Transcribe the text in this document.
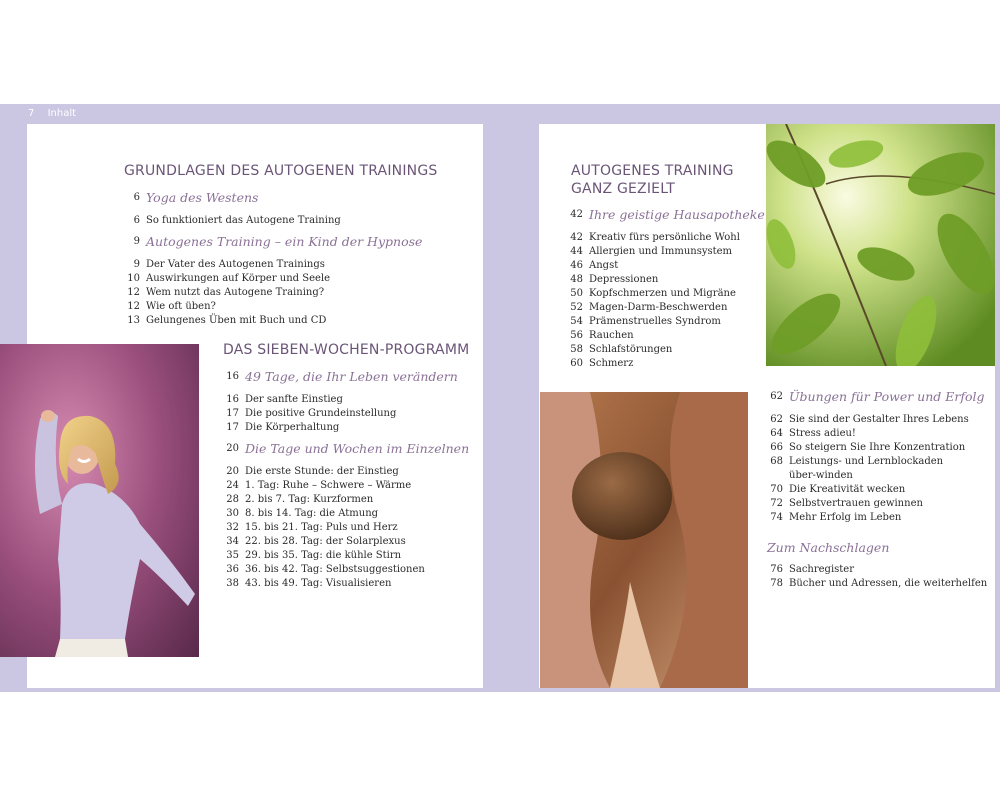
7 Inhalt
GRUNDLAGEN DES AUTOGENEN TRAININGS
6 Yoga des Westens
6 So funktioniert das Autogene Training
9 Autogenes Training – ein Kind der Hypnose
9 Der Vater des Autogenen Trainings
10 Auswirkungen auf Körper und Seele
12 Wem nutzt das Autogene Training?
12 Wie oft üben?
13 Gelungenes Üben mit Buch und CD
DAS SIEBEN-WOCHEN-PROGRAMM
16 49 Tage, die Ihr Leben verändern
16 Der sanfte Einstieg
17 Die positive Grundeinstellung
17 Die Körperhaltung
20 Die Tage und Wochen im Einzelnen
20 Die erste Stunde: der Einstieg
24 1. Tag: Ruhe – Schwere – Wärme
28 2. bis 7. Tag: Kurzformen
30 8. bis 14. Tag: die Atmung
32 15. bis 21. Tag: Puls und Herz
34 22. bis 28. Tag: der Solarplexus
35 29. bis 35. Tag: die kühle Stirn
36 36. bis 42. Tag: Selbstsuggestionen
38 43. bis 49. Tag: Visualisieren
AUTOGENES TRAINING
GANZ GEZIELT
42 Ihre geistige Hausapotheke
42 Kreativ fürs persönliche Wohl
44 Allergien und Immunsystem
46 Angst
48 Depressionen
50 Kopfschmerzen und Migräne
52 Magen-Darm-Beschwerden
54 Prämenstruelles Syndrom
56 Rauchen
58 Schlafstörungen
60 Schmerz
62 Übungen für Power und Erfolg
62 Sie sind der Gestalter Ihres Lebens
64 Stress adieu!
66 So steigern Sie Ihre Konzentration
68 Leistungs- und Lernblockaden über-winden
70 Die Kreativität wecken
72 Selbstvertrauen gewinnen
74 Mehr Erfolg im Leben

Zum Nachschlagen

76 Sachregister
78 Bücher und Adressen, die weiterhelfen
